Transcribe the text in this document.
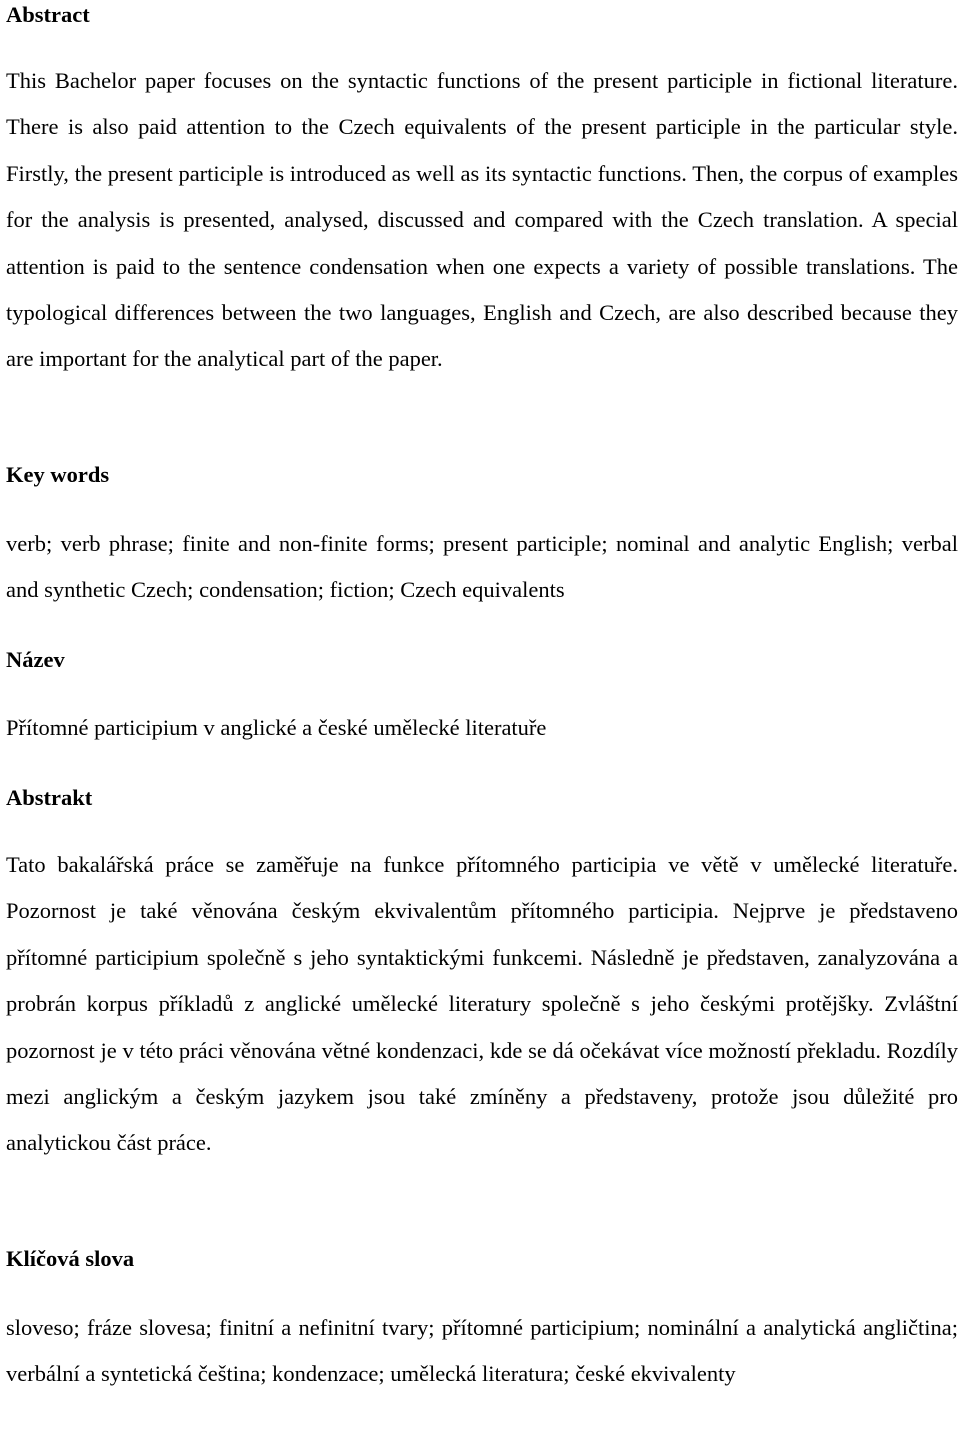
Abstract

This Bachelor paper focuses on the syntactic functions of the present participle in fictional literature. There is also paid attention to the Czech equivalents of the present participle in the particular style. Firstly, the present participle is introduced as well as its syntactic functions. Then, the corpus of examples for the analysis is presented, analysed, discussed and compared with the Czech translation. A special attention is paid to the sentence condensation when one expects a variety of possible translations. The typological differences between the two languages, English and Czech, are also described because they are important for the analytical part of the paper.

Key words

verb; verb phrase; finite and non-finite forms; present participle; nominal and analytic English; verbal and synthetic Czech; condensation; fiction; Czech equivalents

Název
Přítomné participium v anglické a české umělecké literatuře
Abstrakt

Tato bakalářská práce se zaměřuje na funkce přítomného participia ve větě v umělecké literatuře. Pozornost je také věnována českým ekvivalentům přítomného participia. Nejprve je představeno přítomné participium společně s jeho syntaktickými funkcemi. Následně je představen, zanalyzována a probrán korpus příkladů z anglické umělecké literatury společně s jeho českými protějšky. Zvláštní pozornost je v této práci věnována větné kondenzaci, kde se dá očekávat více možností překladu. Rozdíly mezi anglickým a českým jazykem jsou také zmíněny a představeny, protože jsou důležité pro analytickou část práce.

Klíčová slova

sloveso; fráze slovesa; finitní a nefinitní tvary; přítomné participium; nominální a analytická angličtina; verbální a syntetická čeština; kondenzace; umělecká literatura; české ekvivalenty
